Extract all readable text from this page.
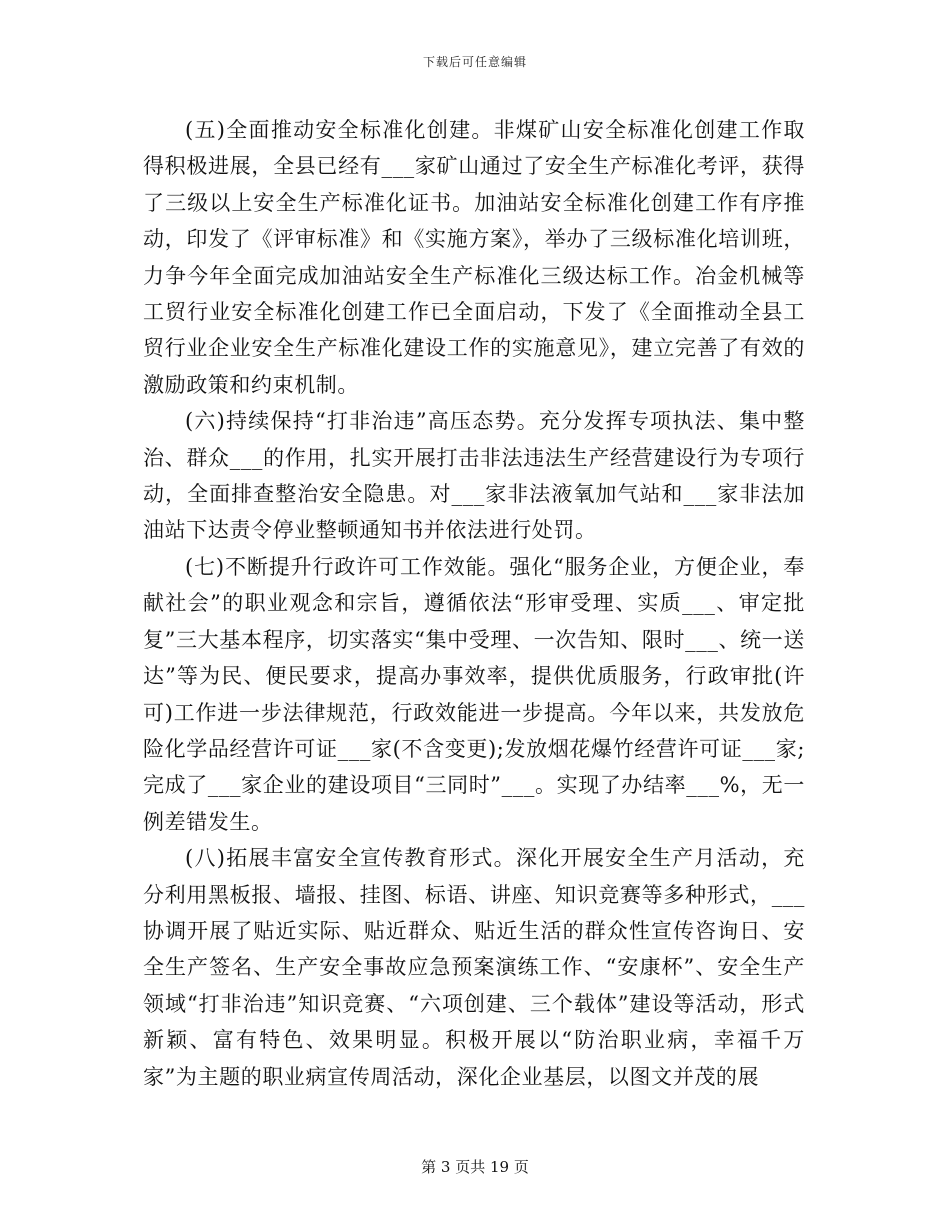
下载后可任意编辑

(五)全面推动安全标准化创建。非煤矿山安全标准化创建工作取得积极进展，全县已经有___家矿山通过了安全生产标准化考评，获得了三级以上安全生产标准化证书。加油站安全标准化创建工作有序推动，印发了《评审标准》和《实施方案》，举办了三级标准化培训班，力争今年全面完成加油站安全生产标准化三级达标工作。冶金机械等工贸行业安全标准化创建工作已全面启动，下发了《全面推动全县工贸行业企业安全生产标准化建设工作的实施意见》，建立完善了有效的激励政策和约束机制。

(六)持续保持“打非治违”高压态势。充分发挥专项执法、集中整治、群众___的作用，扎实开展打击非法违法生产经营建设行为专项行动，全面排查整治安全隐患。对___家非法液氧加气站和___家非法加油站下达责令停业整顿通知书并依法进行处罚。

(七)不断提升行政许可工作效能。强化“服务企业，方便企业，奉献社会”的职业观念和宗旨，遵循依法“形审受理、实质___、审定批复”三大基本程序，切实落实“集中受理、一次告知、限时___、统一送达”等为民、便民要求，提高办事效率，提供优质服务，行政审批(许可)工作进一步法律规范，行政效能进一步提高。今年以来，共发放危险化学品经营许可证___家(不含变更);发放烟花爆竹经营许可证___家;完成了___家企业的建设项目“三同时”___。实现了办结率___%，无一例差错发生。

(八)拓展丰富安全宣传教育形式。深化开展安全生产月活动，充分利用黑板报、墙报、挂图、标语、讲座、知识竞赛等多种形式，___协调开展了贴近实际、贴近群众、贴近生活的群众性宣传咨询日、安全生产签名、生产安全事故应急预案演练工作、“安康杯”、安全生产领域“打非治违”知识竞赛、“六项创建、三个载体”建设等活动，形式新颖、富有特色、效果明显。积极开展以“防治职业病，幸福千万家”为主题的职业病宣传周活动，深化企业基层，以图文并茂的展

第 3 页共 19 页
